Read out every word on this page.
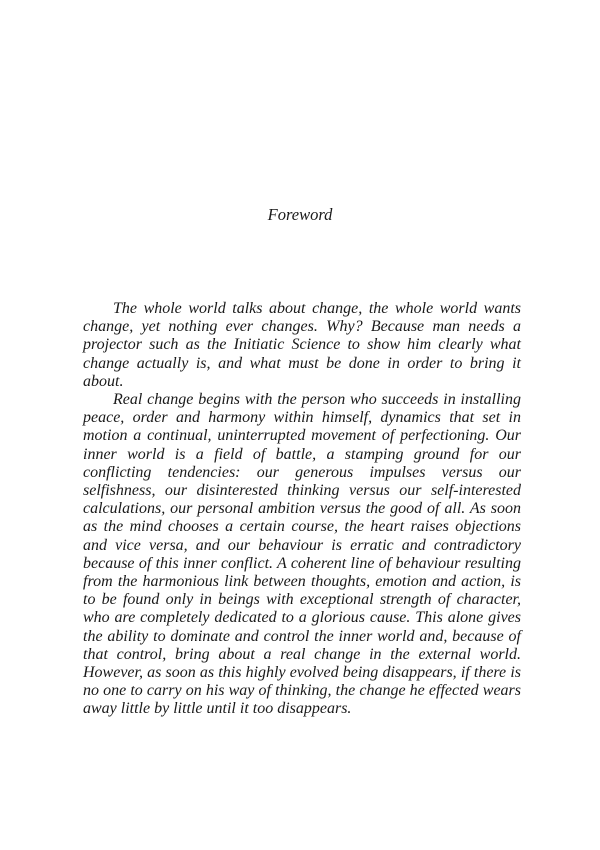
Foreword

The whole world talks about change, the whole world wants change, yet nothing ever changes. Why? Because man needs a projector such as the Initiatic Science to show him clearly what change actually is, and what must be done in order to bring it about.

Real change begins with the person who succeeds in installing peace, order and harmony within himself, dynamics that set in motion a continual, uninterrupted movement of perfectioning. Our inner world is a field of battle, a stamping ground for our conflicting tendencies: our generous impulses versus our selfishness, our disinterested thinking versus our self-interested calculations, our personal ambition versus the good of all. As soon as the mind chooses a certain course, the heart raises objections and vice versa, and our behaviour is erratic and contradictory because of this inner conflict. A coherent line of behaviour resulting from the harmonious link between thoughts, emotion and action, is to be found only in beings with exceptional strength of character, who are completely dedicated to a glorious cause. This alone gives the ability to dominate and control the inner world and, because of that control, bring about a real change in the external world. However, as soon as this highly evolved being disappears, if there is no one to carry on his way of thinking, the change he effected wears away little by little until it too disappears.
